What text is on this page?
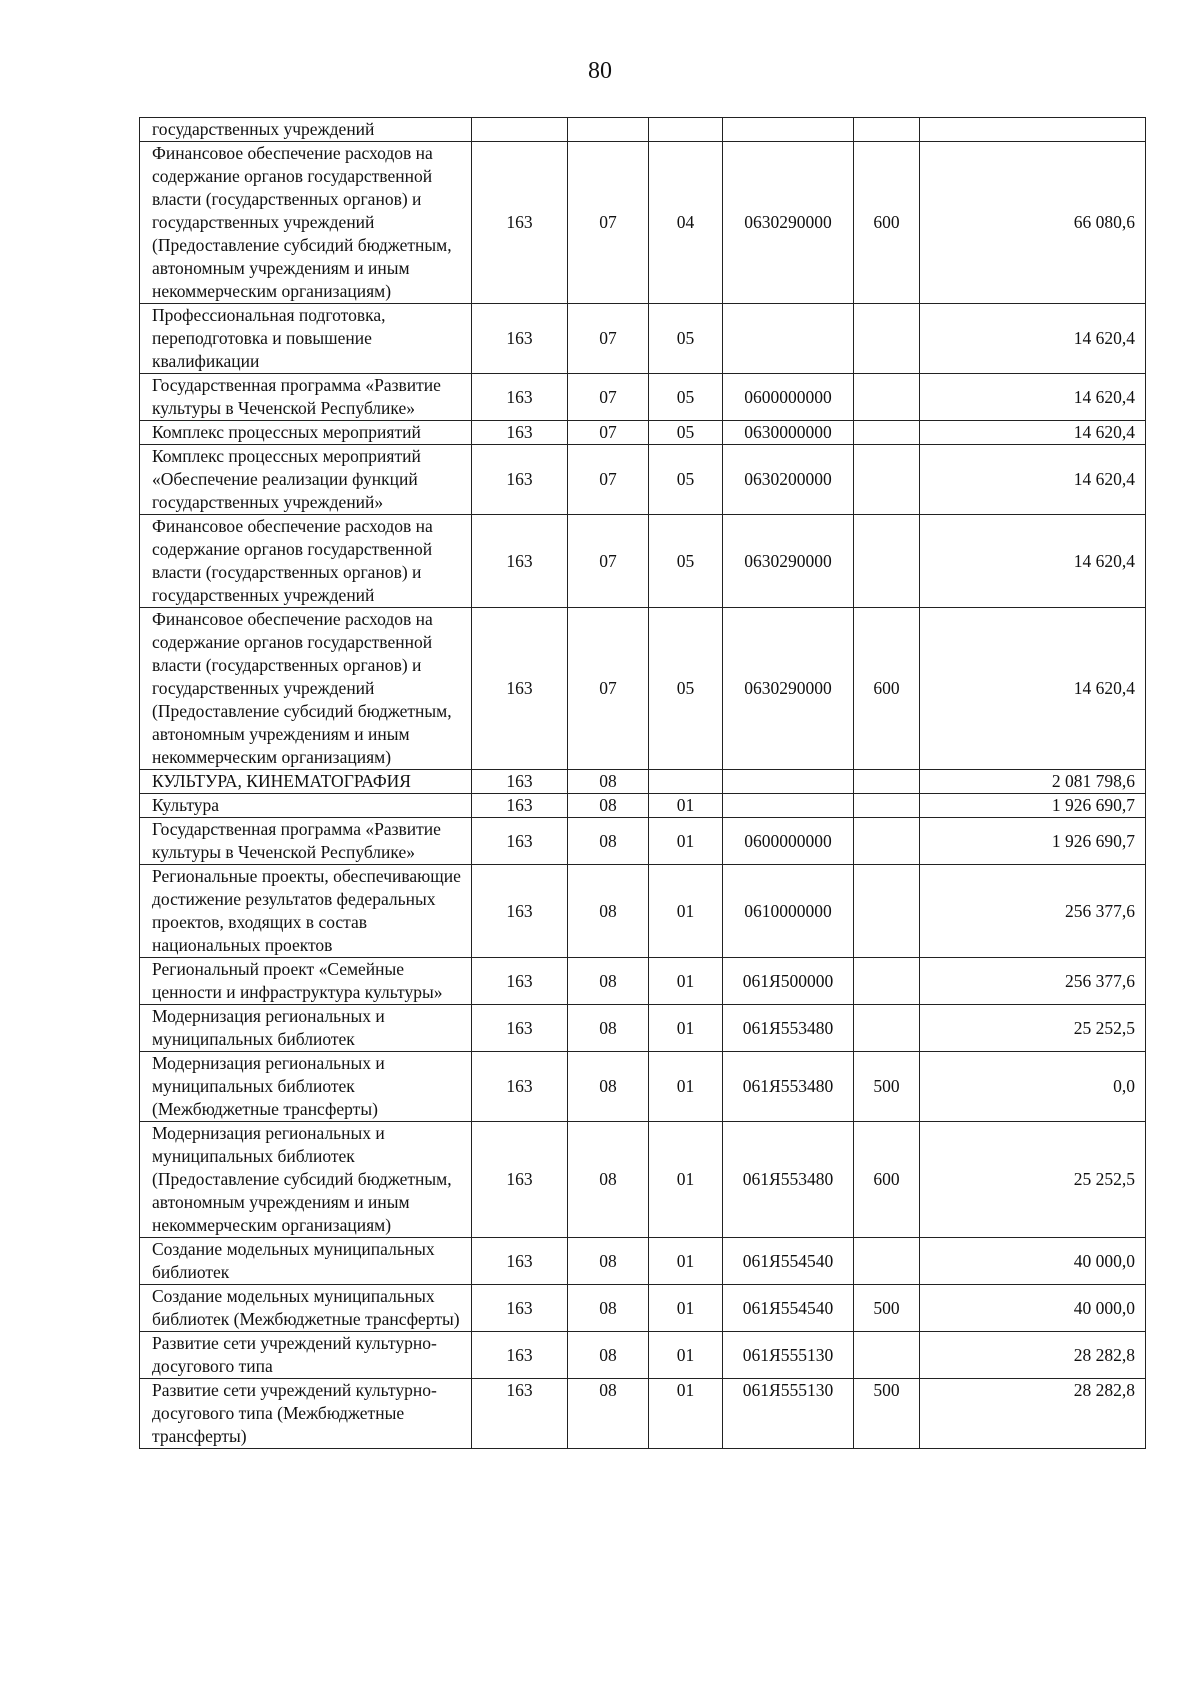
80
государственных учреждений						
Финансовое обеспечение расходов на содержание органов государственной власти (государственных органов) и государственных учреждений (Предоставление субсидий бюджетным, автономным учреждениям и иным некоммерческим организациям)	163	07	04	0630290000	600	66 080,6
Профессиональная подготовка, переподготовка и повышение квалификации	163	07	05			14 620,4
Государственная программа «Развитие культуры в Чеченской Республике»	163	07	05	0600000000		14 620,4
Комплекс процессных мероприятий	163	07	05	0630000000		14 620,4
Комплекс процессных мероприятий «Обеспечение реализации функций государственных учреждений»	163	07	05	0630200000		14 620,4
Финансовое обеспечение расходов на содержание органов государственной власти (государственных органов) и государственных учреждений	163	07	05	0630290000		14 620,4
Финансовое обеспечение расходов на содержание органов государственной власти (государственных органов) и государственных учреждений (Предоставление субсидий бюджетным, автономным учреждениям и иным некоммерческим организациям)	163	07	05	0630290000	600	14 620,4
КУЛЬТУРА, КИНЕМАТОГРАФИЯ	163	08				2 081 798,6
Культура	163	08	01			1 926 690,7
Государственная программа «Развитие культуры в Чеченской Республике»	163	08	01	0600000000		1 926 690,7
Региональные проекты, обеспечивающие достижение результатов федеральных проектов, входящих в состав национальных проектов	163	08	01	0610000000		256 377,6
Региональный проект «Семейные ценности и инфраструктура культуры»	163	08	01	061Я500000		256 377,6
Модернизация региональных и муниципальных библиотек	163	08	01	061Я553480		25 252,5
Модернизация региональных и муниципальных библиотек (Межбюджетные трансферты)	163	08	01	061Я553480	500	0,0
Модернизация региональных и муниципальных библиотек (Предоставление субсидий бюджетным, автономным учреждениям и иным некоммерческим организациям)	163	08	01	061Я553480	600	25 252,5
Создание модельных муниципальных библиотек	163	08	01	061Я554540		40 000,0
Создание модельных муниципальных библиотек (Межбюджетные трансферты)	163	08	01	061Я554540	500	40 000,0
Развитие сети учреждений культурно-досугового типа	163	08	01	061Я555130		28 282,8
Развитие сети учреждений культурно-досугового типа (Межбюджетные трансферты)	163	08	01	061Я555130	500	28 282,8
